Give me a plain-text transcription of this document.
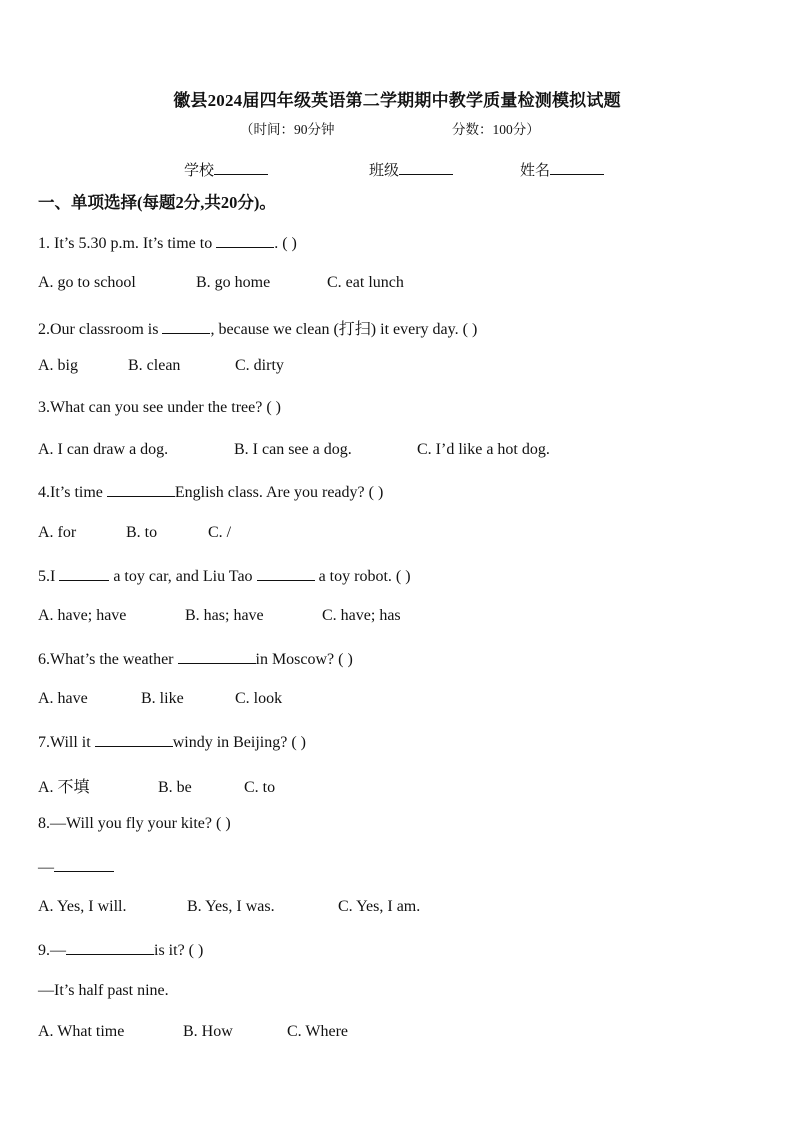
徽县2024届四年级英语第二学期期中教学质量检测模拟试题
（时间：90分钟	分数：100分）
学校	班级	姓名
一、单项选择(每题2分,共20分)。
1. It’s 5.30 p.m. It’s time to	. ( )
A. go to school	B. go home	C. eat lunch
2.Our classroom is	, because we clean (打扫) it every day. ( )
A. big	B. clean	C. dirty
3.What can you see under the tree? ( )
A. I can draw a dog.	B. I can see a dog.	C. I’d like a hot dog.
4.It’s time	English class. Are you ready? ( )
A. for	B. to	C. /
5.I	a toy car, and Liu Tao	a toy robot. ( )
A. have; have	B. has; have	C. have; has
6.What’s the weather	in Moscow? ( )
A. have	B. like	C. look
7.Will it	windy in Beijing? ( )
A. 不填	B. be	C. to
8.—Will you fly your kite? ( )
—
A. Yes, I will.	B. Yes, I was.	C. Yes, I am.
9.—	is it? ( )
—It’s half past nine.
A. What time	B. How	C. Where
